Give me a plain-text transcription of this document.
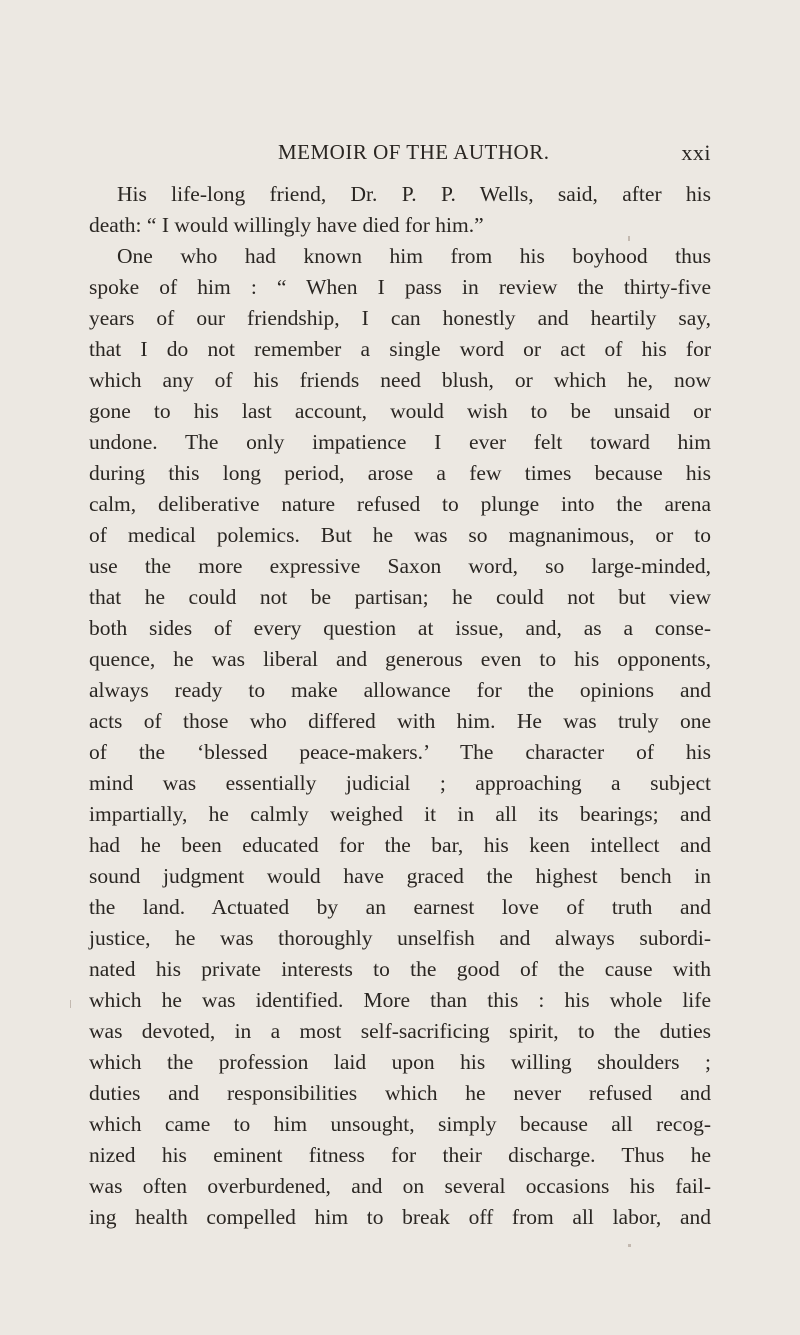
MEMOIR OF THE AUTHOR.	xxi
His life-long friend, Dr. P. P. Wells, said, after his
death: “ I would willingly have died for him.”
One who had known him from his boyhood thus
spoke of him : “ When I pass in review the thirty-five
years of our friendship, I can honestly and heartily say,
that I do not remember a single word or act of his for
which any of his friends need blush, or which he, now
gone to his last account, would wish to be unsaid or
undone. The only impatience I ever felt toward him
during this long period, arose a few times because his
calm, deliberative nature refused to plunge into the arena
of medical polemics. But he was so magnanimous, or to
use the more expressive Saxon word, so large-minded,
that he could not be partisan; he could not but view
both sides of every question at issue, and, as a conse-
quence, he was liberal and generous even to his opponents,
always ready to make allowance for the opinions and
acts of those who differed with him. He was truly one
of the ‘blessed peace-makers.’ The character of his
mind was essentially judicial ; approaching a subject
impartially, he calmly weighed it in all its bearings; and
had he been educated for the bar, his keen intellect and
sound judgment would have graced the highest bench in
the land. Actuated by an earnest love of truth and
justice, he was thoroughly unselfish and always subordi-
nated his private interests to the good of the cause with
which he was identified. More than this : his whole life
was devoted, in a most self-sacrificing spirit, to the duties
which the profession laid upon his willing shoulders ;
duties and responsibilities which he never refused and
which came to him unsought, simply because all recog-
nized his eminent fitness for their discharge. Thus he
was often overburdened, and on several occasions his fail-
ing health compelled him to break off from all labor, and
